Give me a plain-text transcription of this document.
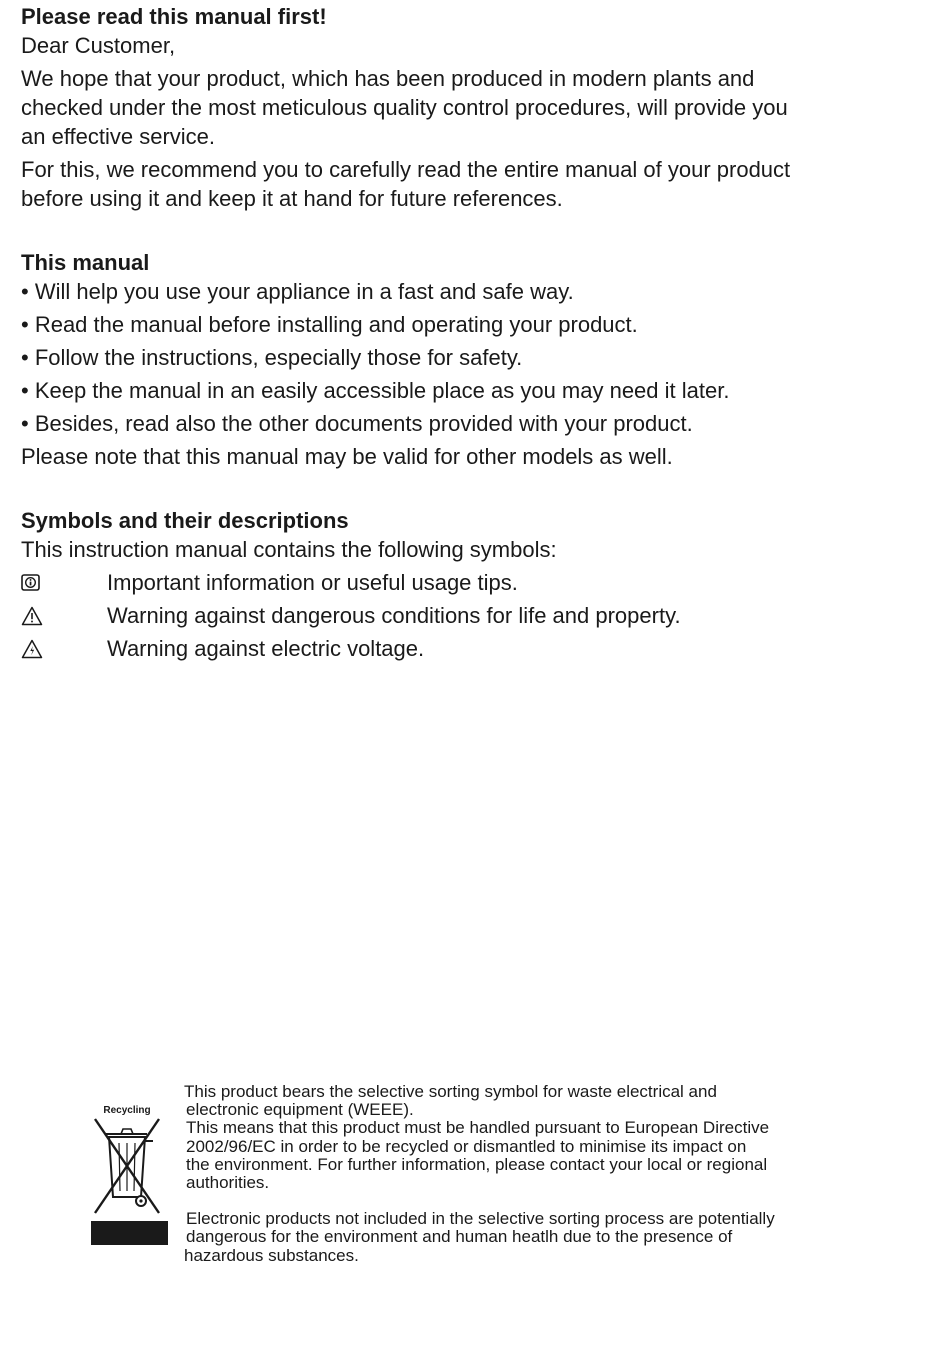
Please read this manual first!

Dear Customer,

We hope that your product, which has been produced in modern plants and

checked under the most meticulous quality control procedures, will provide you

an effective service.

For this, we recommend you to carefully read the entire manual of your product

before using it and keep it at hand for future references.

This manual

• Will help you use your appliance in a fast and safe way.

• Read the manual before installing and operating your product.

• Follow the instructions, especially those for safety.

• Keep the manual in an easily accessible place as you may need it later.

• Besides, read also the other documents provided with your product.

Please note that this manual may be valid for other models as well.

Symbols and their descriptions

This instruction manual contains the following symbols:

Important information or useful usage tips.
Warning against dangerous conditions for life and property.
Warning against electric voltage.
Recycling

This product bears the selective sorting symbol for waste electrical and

electronic equipment (WEEE).

This means that this product must be handled pursuant to European Directive

2002/96/EC in order to be recycled or dismantled to minimise its impact on

the environment. For further information, please contact your local or regional

authorities.

Electronic products not included in the selective sorting process are potentially

dangerous for the environment and human heatlh due to the presence of

hazardous substances.
